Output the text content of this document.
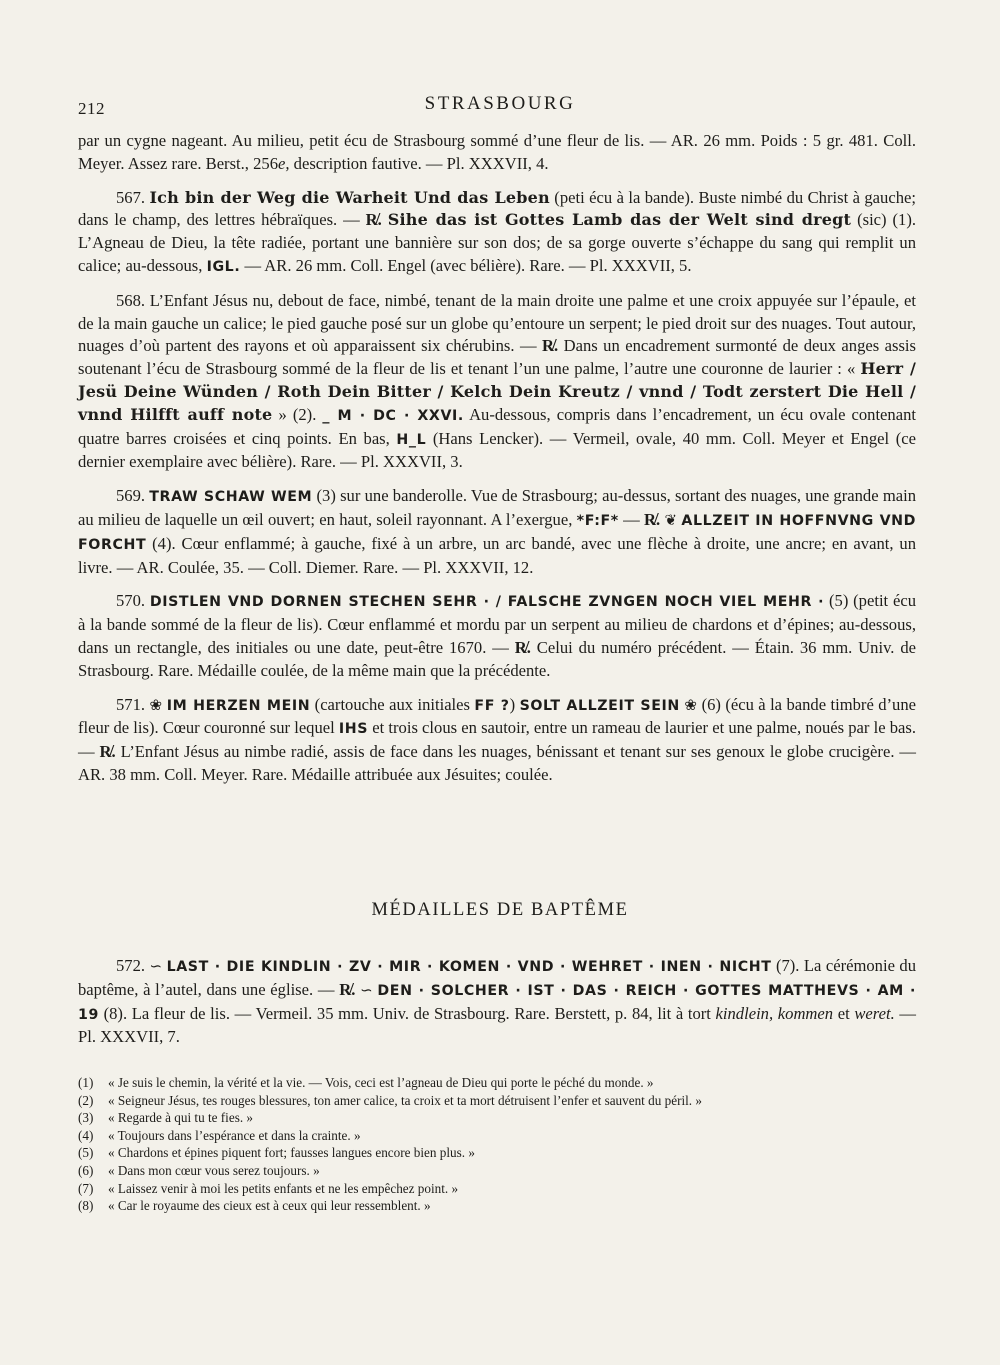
212	STRASBOURG

par un cygne nageant. Au milieu, petit écu de Strasbourg sommé d’une fleur de lis. — AR. 26 mm. Poids : 5 gr. 481. Coll. Meyer. Assez rare. Berst., 256e, description fautive. — Pl. XXXVII, 4.

567. Ich bin der Weg die Warheit Und das Leben (peti écu à la bande). Buste nimbé du Christ à gauche; dans le champ, des lettres hébraïques. — R̸. Sihe das ist Gottes Lamb das der Welt sind dregt (sic) (1). L’Agneau de Dieu, la tête radiée, portant une bannière sur son dos; de sa gorge ouverte s’échappe du sang qui remplit un calice; au-dessous, IGL. — AR. 26 mm. Coll. Engel (avec bélière). Rare. — Pl. XXXVII, 5.

568. L’Enfant Jésus nu, debout de face, nimbé, tenant de la main droite une palme et une croix appuyée sur l’épaule, et de la main gauche un calice; le pied gauche posé sur un globe qu’entoure un serpent; le pied droit sur des nuages. Tout autour, nuages d’où partent des rayons et où apparaissent six chérubins. — R̸. Dans un encadrement surmonté de deux anges assis soutenant l’écu de Strasbourg sommé de la fleur de lis et tenant l’un une palme, l’autre une couronne de laurier : « Herr / Jesü Deine Wünden / Roth Dein Bitter / Kelch Dein Kreutz / vnnd / Todt zerstert Die Hell / vnnd Hilfft auff note » (2). _ M · DC · XXVI. Au-dessous, compris dans l’encadrement, un écu ovale contenant quatre barres croisées et cinq points. En bas, H_L (Hans Lencker). — Vermeil, ovale, 40 mm. Coll. Meyer et Engel (ce dernier exemplaire avec bélière). Rare. — Pl. XXXVII, 3.

569. TRAW SCHAW WEM (3) sur une banderolle. Vue de Strasbourg; au-dessus, sortant des nuages, une grande main au milieu de laquelle un œil ouvert; en haut, soleil rayonnant. A l’exergue, *F:F* — R̸. ❦ ALLZEIT IN HOFFNVNG VND FORCHT (4). Cœur enflammé; à gauche, fixé à un arbre, un arc bandé, avec une flèche à droite, une ancre; en avant, un livre. — AR. Coulée, 35. — Coll. Diemer. Rare. — Pl. XXXVII, 12.

570. DISTLEN VND DORNEN STECHEN SEHR · / FALSCHE ZVNGEN NOCH VIEL MEHR · (5) (petit écu à la bande sommé de la fleur de lis). Cœur enflammé et mordu par un serpent au milieu de chardons et d’épines; au-dessous, dans un rectangle, des initiales ou une date, peut-être 1670. — R̸. Celui du numéro précédent. — Étain. 36 mm. Univ. de Strasbourg. Rare. Médaille coulée, de la même main que la précédente.

571. ❀ IM HERZEN MEIN (cartouche aux initiales FF ?) SOLT ALLZEIT SEIN ❀ (6) (écu à la bande timbré d’une fleur de lis). Cœur couronné sur lequel IHS et trois clous en sautoir, entre un rameau de laurier et une palme, noués par le bas. — R̸. L’Enfant Jésus au nimbe radié, assis de face dans les nuages, bénissant et tenant sur ses genoux le globe crucigère. — AR. 38 mm. Coll. Meyer. Rare. Médaille attribuée aux Jésuites; coulée.

MÉDAILLES DE BAPTÊME

572. ∽ LAST · DIE KINDLIN · ZV · MIR · KOMEN · VND · WEHRET · INEN · NICHT (7). La cérémonie du baptême, à l’autel, dans une église. — R̸. ∽ DEN · SOLCHER · IST · DAS · REICH · GOTTES MATTHEVS · AM · 19 (8). La fleur de lis. — Vermeil. 35 mm. Univ. de Strasbourg. Rare. Berstett, p. 84, lit à tort kindlein, kommen et weret. — Pl. XXXVII, 7.

(1) « Je suis le chemin, la vérité et la vie. — Vois, ceci est l’agneau de Dieu qui porte le péché du monde. »
(2) « Seigneur Jésus, tes rouges blessures, ton amer calice, ta croix et ta mort détruisent l’enfer et sauvent du péril. »
(3) « Regarde à qui tu te fies. »
(4) « Toujours dans l’espérance et dans la crainte. »
(5) « Chardons et épines piquent fort; fausses langues encore bien plus. »
(6) « Dans mon cœur vous serez toujours. »
(7) « Laissez venir à moi les petits enfants et ne les empêchez point. »
(8) « Car le royaume des cieux est à ceux qui leur ressemblent. »
